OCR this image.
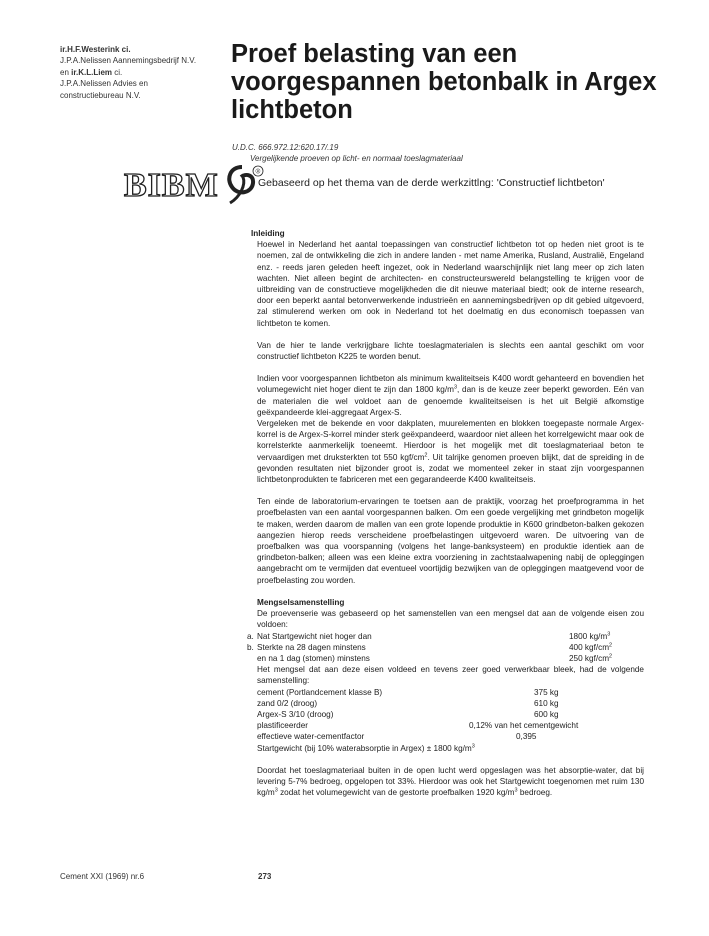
ir.H.F.Westerink ci.
J.P.A.Nelissen Aannemingsbedrijf N.V.
en ir.K.L.Liem ci.
J.P.A.Nelissen Advies en
constructiebureau N.V.
Proef belasting van een voorgespannen betonbalk in Argex lichtbeton
U.D.C. 666.972.12:620.17/.19
Vergelijkende proeven op licht- en normaal toeslagmateriaal
BIBM	®
Gebaseerd op het thema van de derde werkzittlng: 'Constructief lichtbeton'
Inleiding

Hoewel in Nederland het aantal toepassingen van constructief lichtbeton tot op heden niet groot is te noemen, zal de ontwikkeling die zich in andere landen - met name Amerika, Rusland, Australië, Engeland enz. - reeds jaren geleden heeft ingezet, ook in Nederland waarschijnlijk niet lang meer op zich laten wachten. Niet alleen begint de architecten- en constructeurswereld belangstelling te krijgen voor de uitbreiding van de constructieve mogelijkheden die dit nieuwe materiaal biedt; ook de interne research, door een beperkt aantal betonverwerkende industrieën en aannemingsbedrijven op dit gebied uitgevoerd, zal stimulerend werken om ook in Nederland tot het doelmatig en dus economisch toepassen van lichtbeton te komen.

Van de hier te lande verkrijgbare lichte toeslagmaterialen is slechts een aantal geschikt om voor constructief lichtbeton K225 te worden benut.

Indien voor voorgespannen lichtbeton als minimum kwaliteitseis K400 wordt gehanteerd en bovendien het volumegewicht niet hoger dient te zijn dan 1800 $kg/m^3$, dan is de keuze zeer beperkt geworden. Eén van de materialen die wel voldoet aan de genoemde kwaliteitseisen is het uit België afkomstige geëxpandeerde klei-aggregaat Argex-S.

Vergeleken met de bekende en voor dakplaten, muurelementen en blokken toegepaste normale Argex-korrel is de Argex-S-korrel minder sterk geëxpandeerd, waardoor niet alleen het korrelgewicht maar ook de korrelsterkte aanmerkelijk toeneemt. Hierdoor is het mogelijk met dit toeslagmateriaal beton te vervaardigen met druksterkten tot 550 kgf/$cm^2$. Uit talrijke genomen proeven blijkt, dat de spreiding in de gevonden resultaten niet bijzonder groot is, zodat we momenteel zeker in staat zijn voorgespannen lichtbetonprodukten te fabriceren met een gegarandeerde K400 kwaliteitseis.

Ten einde de laboratorium-ervaringen te toetsen aan de praktijk, voorzag het proefprogramma in het proefbelasten van een aantal voorgespannen balken. Om een goede vergelijking met grindbeton mogelijk te maken, werden daarom de mallen van een grote lopende produktie in K600 grindbeton-balken gekozen aangezien hierop reeds verscheidene proefbelastingen uitgevoerd waren. De uitvoering van de proefbalken was qua voorspanning (volgens het lange-banksysteem) en produktie identiek aan de grindbeton-balken; alleen was een kleine extra voorziening in zachtstaalwapening nabij de opleggingen aangebracht om te vermijden dat eventueel voortijdig bezwijken van de opleggingen maatgevend voor de proefbelasting zou worden.

Mengselsamenstelling

De proevenserie was gebaseerd op het samenstellen van een mengsel dat aan de volgende eisen zou voldoen:

a. Nat Startgewicht niet hoger dan	1800 $kg/m^3$
b. Sterkte na 28 dagen minstens	400 kgf/$cm^2$
en na 1 dag (stomen) minstens	250 kgf/$cm^2$

Het mengsel dat aan deze eisen voldeed en tevens zeer goed verwerkbaar bleek, had de volgende samenstelling:

cement (Portlandcement klasse B)	375 kg
zand 0/2 (droog)	610 kg
Argex-S 3/10 (droog)	600 kg
plastificeerder	0,12% van het cementgewicht
effectieve water-cementfactor	0,395
Startgewicht (bij 10% waterabsorptie in Argex) ± 1800 $kg/m^3$

Doordat het toeslagmateriaal buiten in de open lucht werd opgeslagen was het absorptie-water, dat bij levering 5-7% bedroeg, opgelopen tot 33%. Hierdoor was ook het Startgewicht toegenomen met ruim 130 $kg/m^3$ zodat het volumegewicht van de gestorte proefbalken 1920 $kg/m^3$ bedroeg.

Cement XXI (1969) nr.6	273
